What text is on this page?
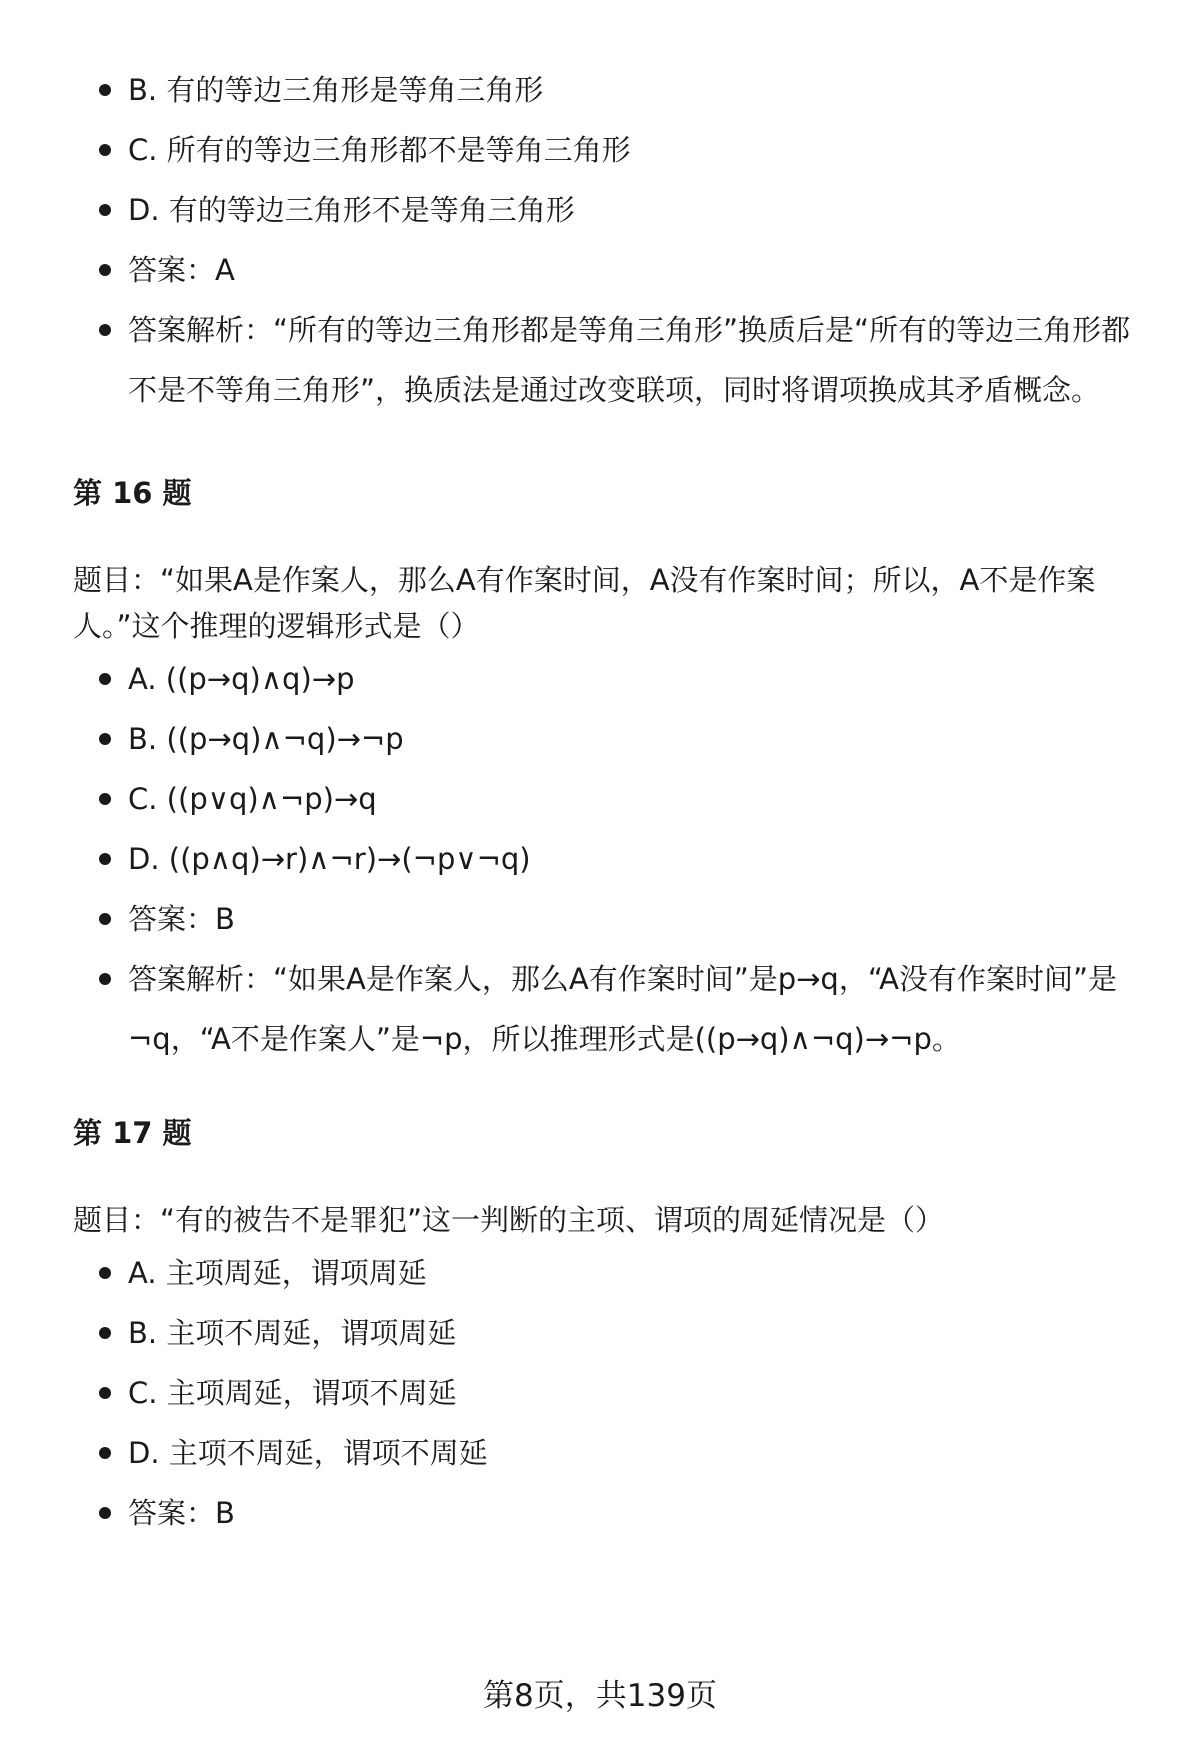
B. 有的等边三角形是等角三角形
C. 所有的等边三角形都不是等角三角形
D. 有的等边三角形不是等角三角形
答案：A
答案解析：“所有的等边三角形都是等角三角形”换质后是“所有的等边三角形都不是不等角三角形”，换质法是通过改变联项，同时将谓项换成其矛盾概念。

第 16 题

题目：“如果A是作案人，那么A有作案时间，A没有作案时间；所以，A不是作案人。”这个推理的逻辑形式是（）

A. ((p→q)∧q)→p
B. ((p→q)∧¬q)→¬p
C. ((p∨q)∧¬p)→q
D. ((p∧q)→r)∧¬r)→(¬p∨¬q)
答案：B
答案解析：“如果A是作案人，那么A有作案时间”是p→q，“A没有作案时间”是¬q，“A不是作案人”是¬p，所以推理形式是((p→q)∧¬q)→¬p。

第 17 题

题目：“有的被告不是罪犯”这一判断的主项、谓项的周延情况是（）

A. 主项周延，谓项周延
B. 主项不周延，谓项周延
C. 主项周延，谓项不周延
D. 主项不周延，谓项不周延
答案：B
第8页，共139页
